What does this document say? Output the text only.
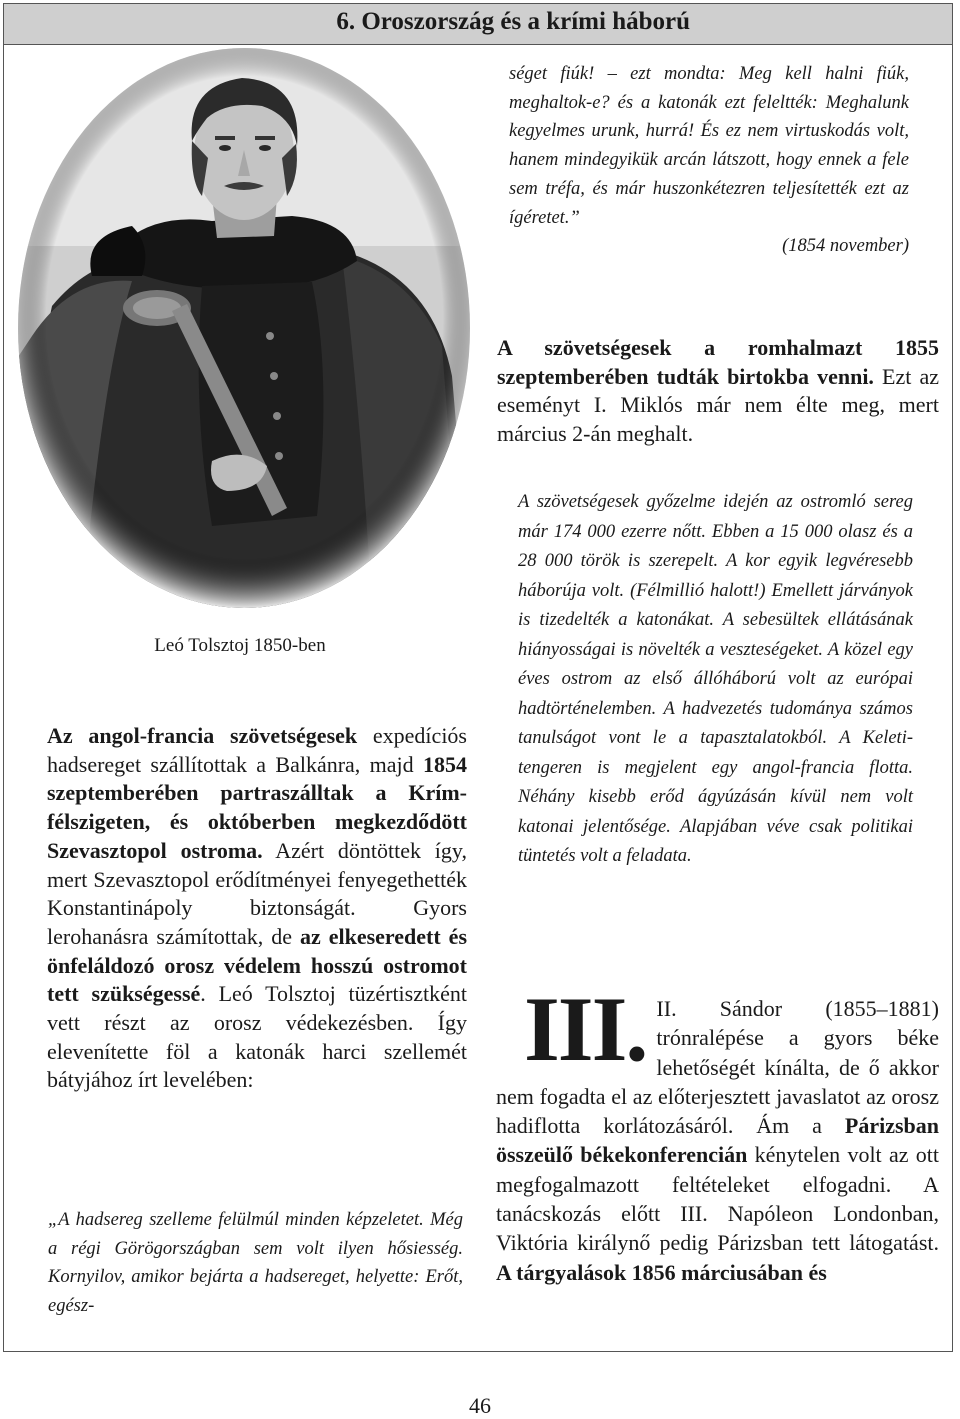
6. Oroszország és a krími háború
Leó Tolsztoj 1850-ben

Az angol-francia szövetségesek expedíciós hadsereget szállítottak a Balkánra, majd 1854 szeptemberében partraszálltak a Krím-félszigeten, és októberben megkezdődött Szevasztopol ostroma. Azért döntöttek így, mert Szevasztopol erődítményei fenyegethették Konstantinápoly biztonságát. Gyors lerohanásra számítottak, de az elkeseredett és önfeláldozó orosz védelem hosszú ostromot tett szükségessé. Leó Tolsztoj tüzértisztként vett részt az orosz védekezésben. Így elevenítette föl a katonák harci szellemét bátyjához írt levelében:

„A hadsereg szelleme felülmúl minden képzeletet. Még a régi Görögországban sem volt ilyen hősiesség. Kornyilov, amikor bejárta a hadsereget, helyette: Erőt, egész-
séget fiúk! – ezt mondta: Meg kell halni fiúk, meghaltok-e? és a katonák ezt feleltték: Meghalunk kegyelmes urunk, hurrá! És ez nem virtuskodás volt, hanem mindegyikük arcán látszott, hogy ennek a fele sem tréfa, és már huszonkétezren teljesítették ezt az ígéretet.”
(1854 november)

A szövetségesek a romhalmazt 1855 szeptemberében tudták birtokba venni. Ezt az eseményt I. Miklós már nem élte meg, mert március 2-án meghalt.

A szövetségesek győzelme idején az ostromló sereg már 174 000 ezerre nőtt. Ebben a 15 000 olasz és a 28 000 török is szerepelt. A kor egyik legvéresebb háborúja volt. (Félmillió halott!) Emellett járványok is tizedelték a katonákat. A sebesültek ellátásának hiányosságai is növelték a veszteségeket. A közel egy éves ostrom az első állóháború volt az európai hadtörténelemben. A hadvezetés tudománya számos tanulságot vont le a tapasztalatokból. A Keleti-tengeren is megjelent egy angol-francia flotta. Néhány kisebb erőd ágyúzásán kívül nem volt katonai jelentősége. Alapjában véve csak politikai tüntetés volt a feladata.
III. II. Sándor (1855–1881) trónralépése a gyors béke lehetőségét kínálta, de ő akkor nem fogadta el az előterjesztett javaslatot az orosz hadiflotta korlátozásáról. Ám a Párizsban összeülő békekonferencián kénytelen volt az ott megfogalmazott feltételeket elfogadni. A tanácskozás előtt III. Napóleon Londonban, Viktória királynő pedig Párizsban tett látogatást. A tárgyalások 1856 márciusában és

46
